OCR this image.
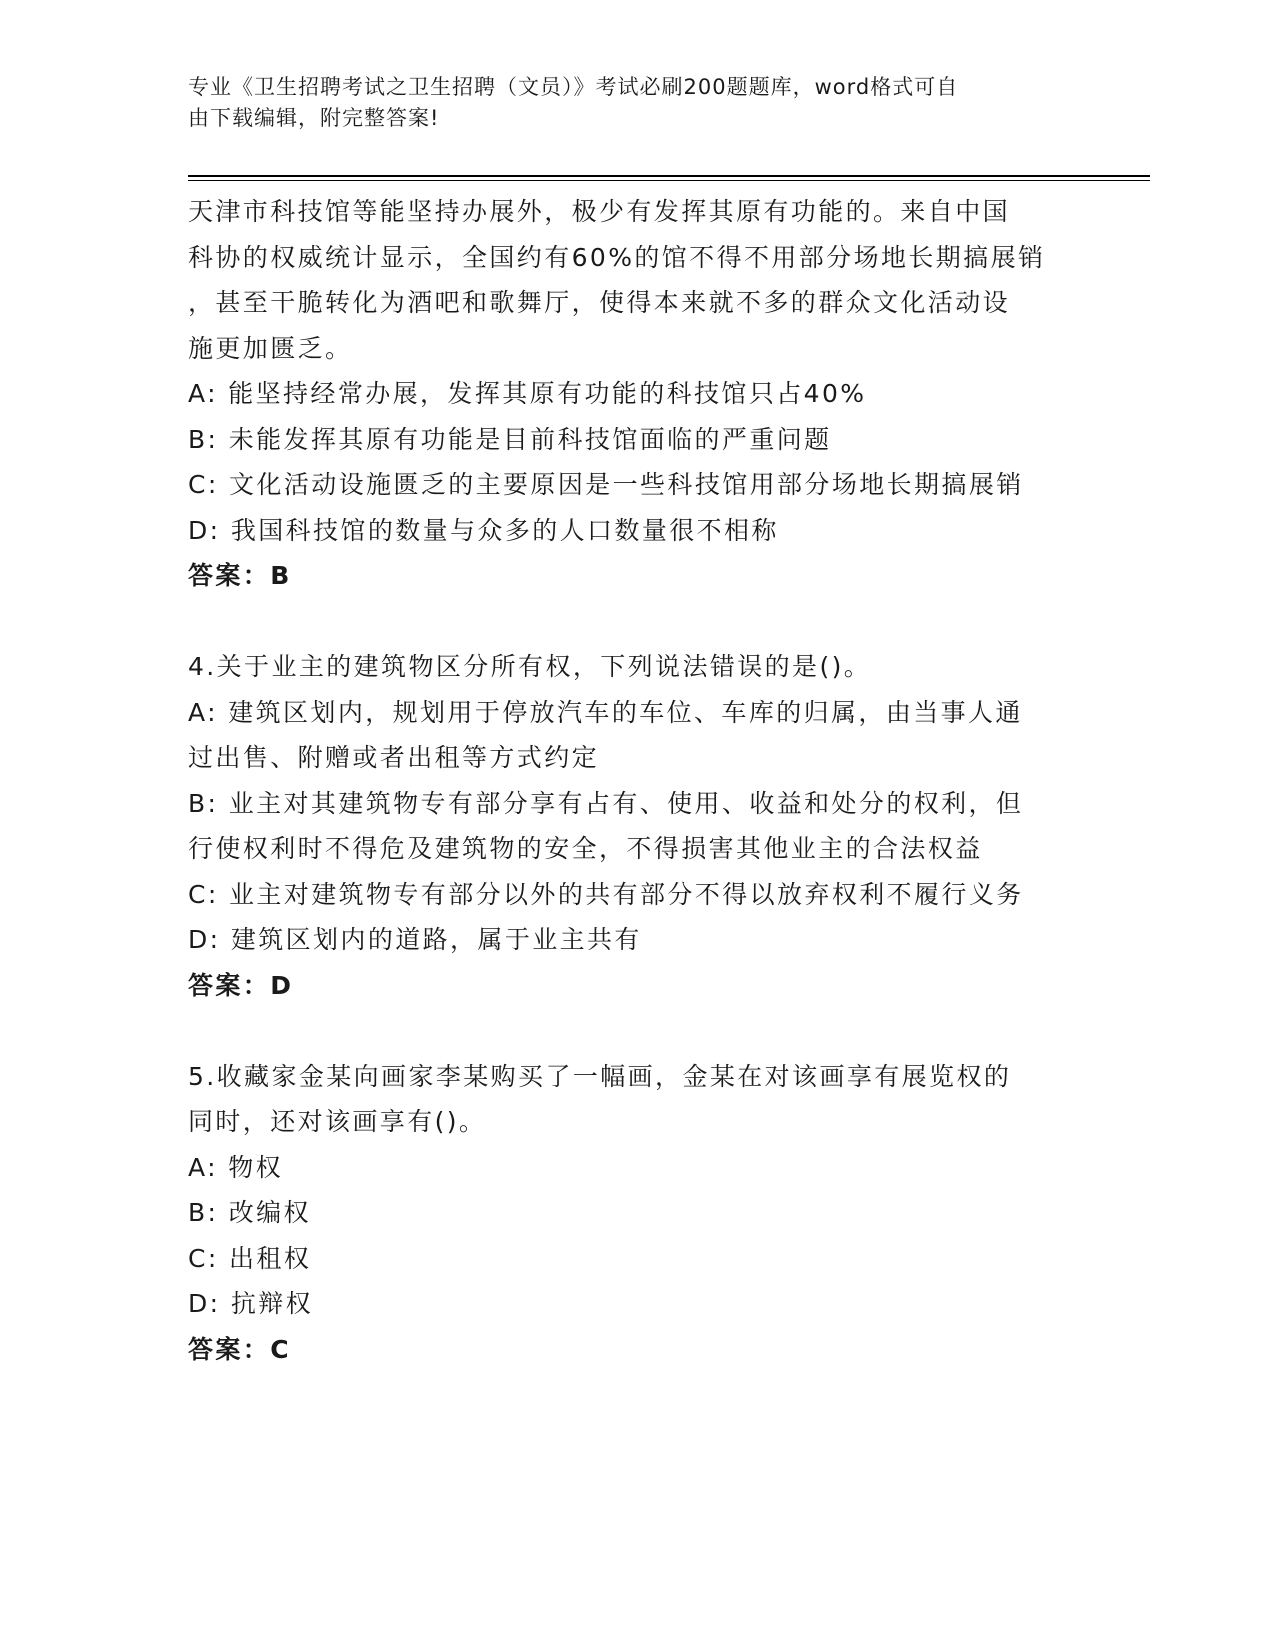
专业《卫生招聘考试之卫生招聘（文员）》考试必刷200题题库，word格式可自
由下载编辑，附完整答案!

天津市科技馆等能坚持办展外，极少有发挥其原有功能的。来自中国

科协的权威统计显示，全国约有60%的馆不得不用部分场地长期搞展销

，甚至干脆转化为酒吧和歌舞厅，使得本来就不多的群众文化活动设

施更加匮乏。

A: 能坚持经常办展，发挥其原有功能的科技馆只占40%

B: 未能发挥其原有功能是目前科技馆面临的严重问题

C: 文化活动设施匮乏的主要原因是一些科技馆用部分场地长期搞展销

D: 我国科技馆的数量与众多的人口数量很不相称

答案：B

4.关于业主的建筑物区分所有权，下列说法错误的是()。

A: 建筑区划内，规划用于停放汽车的车位、车库的归属，由当事人通

过出售、附赠或者出租等方式约定

B: 业主对其建筑物专有部分享有占有、使用、收益和处分的权利，但

行使权利时不得危及建筑物的安全，不得损害其他业主的合法权益

C: 业主对建筑物专有部分以外的共有部分不得以放弃权利不履行义务

D: 建筑区划内的道路，属于业主共有

答案：D

5.收藏家金某向画家李某购买了一幅画，金某在对该画享有展览权的

同时，还对该画享有()。

A: 物权

B: 改编权

C: 出租权

D: 抗辩权

答案：C
